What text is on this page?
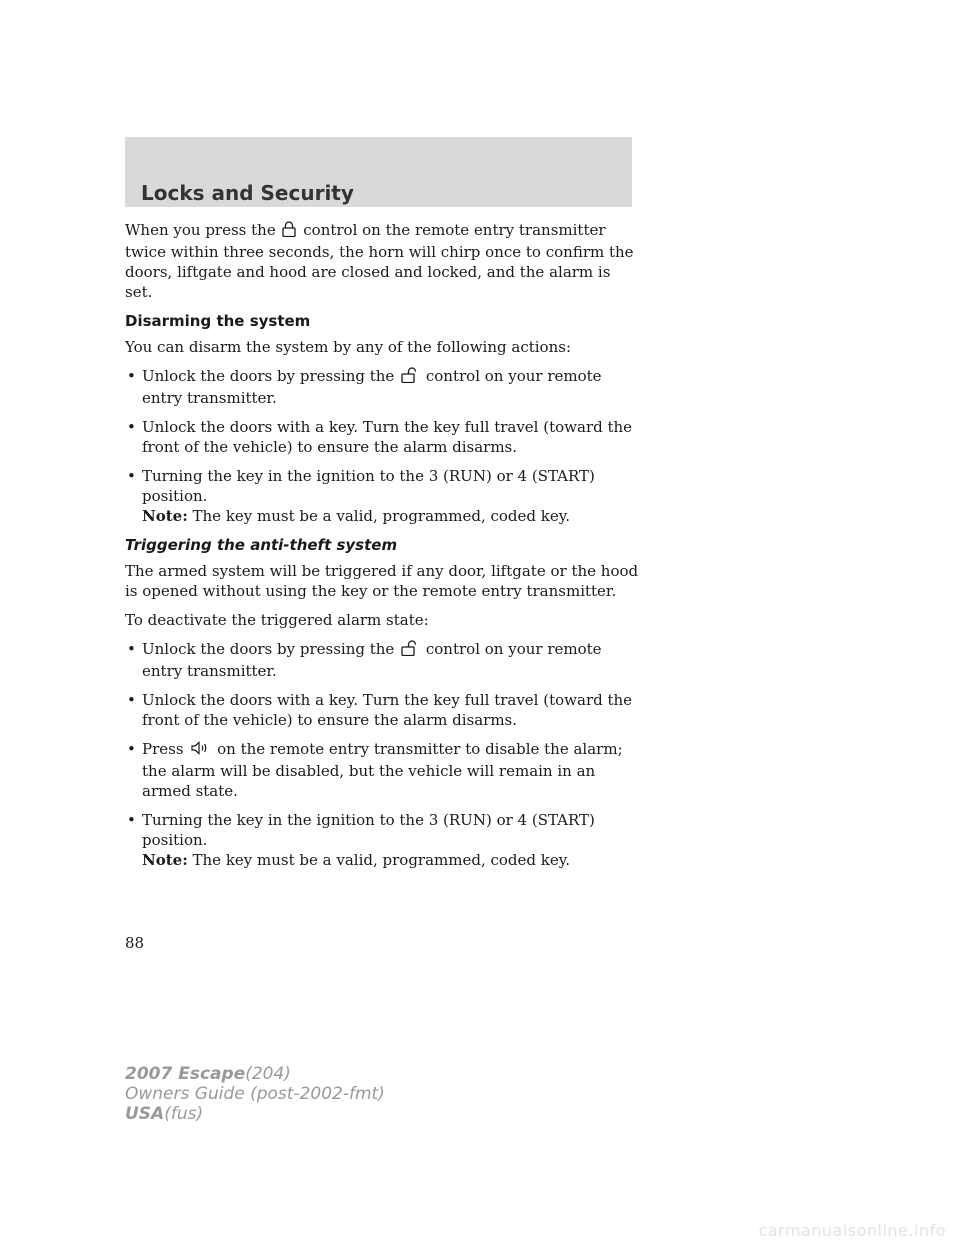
Locks and Security

When you press the control on the remote entry transmitter twice within three seconds, the horn will chirp once to confirm the doors, liftgate and hood are closed and locked, and the alarm is set.

Disarming the system

You can disarm the system by any of the following actions:

• Unlock the doors by pressing the control on your remote entry transmitter.
• Unlock the doors with a key. Turn the key full travel (toward the front of the vehicle) to ensure the alarm disarms.
• Turning the key in the ignition to the 3 (RUN) or 4 (START) position.
Note: The key must be a valid, programmed, coded key.
Triggering the anti-theft system

The armed system will be triggered if any door, liftgate or the hood is opened without using the key or the remote entry transmitter.

To deactivate the triggered alarm state:

• Unlock the doors by pressing the control on your remote entry transmitter.
• Unlock the doors with a key. Turn the key full travel (toward the front of the vehicle) to ensure the alarm disarms.
• Press on the remote entry transmitter to disable the alarm; the alarm will be disabled, but the vehicle will remain in an armed state.
• Turning the key in the ignition to the 3 (RUN) or 4 (START) position.
Note: The key must be a valid, programmed, coded key.
88
2007 Escape(204)
Owners Guide (post-2002-fmt)
USA(fus)
carmanualsonline.info
